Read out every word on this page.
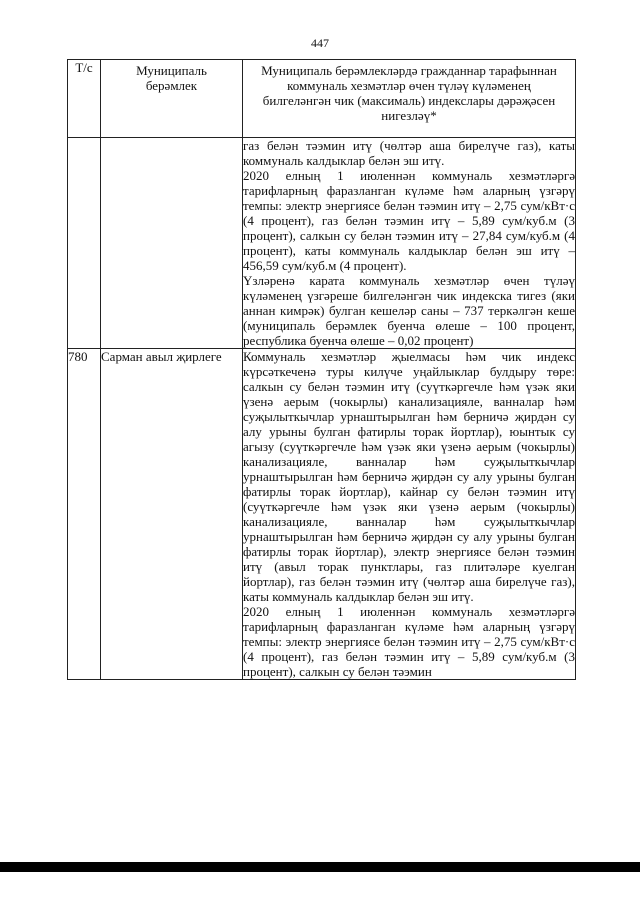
447
Т/с	Муниципаль берәмлек	Муниципаль берәмлекләрдә гражданнар тарафыннан коммуналь хезмәтләр өчен түләү күләменең билгеләнгән чик (максималь) индекслары дәрәҗәсен нигезләү*

		газ белән тәэмин итү (чөлтәр аша бирелүче газ), каты коммуналь калдыклар белән эш итү.

2020 елның 1 июленнән коммуналь хезмәтләргә тарифларның фаразланган күләме һәм аларның үзгәрү темпы: электр энергиясе белән тәэмин итү – 2,75 сум/кВт·с (4 процент), газ белән тәэмин итү – 5,89 сум/куб.м (3 процент), салкын су белән тәэмин итү – 27,84 сум/куб.м (4 процент), каты коммуналь калдыклар белән эш итү – 456,59 сум/куб.м (4 процент).

Үзләренә карата коммуналь хезмәтләр өчен түләү күләменең үзгәреше билгеләнгән чик индекска тигез (яки аннан кимрәк) булган кешеләр саны – 737 теркәлгән кеше (муниципаль берәмлек буенча өлеше – 100 процент, республика буенча өлеше – 0,02 процент)

780	Сарман авыл җирлеге	Коммуналь хезмәтләр җыелмасы һәм чик индекс күрсәткеченә туры килүче уңайлыклар булдыру төре: салкын су белән тәэмин итү (суүткәргечле һәм үзәк яки үзенә аерым (чокырлы) канализацияле, ванналар һәм суҗылыткычлар урнаштырылган һәм берничә җирдән су алу урыны булган фатирлы торак йортлар), юынтык су агызу (суүткәргечле һәм үзәк яки үзенә аерым (чокырлы) канализацияле, ванналар һәм суҗылыткычлар урнаштырылган һәм берничә җирдән су алу урыны булган фатирлы торак йортлар), кайнар су белән тәэмин итү (суүткәргечле һәм үзәк яки үзенә аерым (чокырлы) канализацияле, ванналар һәм суҗылыткычлар урнаштырылган һәм берничә җирдән су алу урыны булган фатирлы торак йортлар), электр энергиясе белән тәэмин итү (авыл торак пунктлары, газ плитәләре куелган йортлар), газ белән тәэмин итү (чөлтәр аша бирелүче газ), каты коммуналь калдыклар белән эш итү.

2020 елның 1 июленнән коммуналь хезмәтләргә тарифларның фаразланган күләме һәм аларның үзгәрү темпы: электр энергиясе белән тәэмин итү – 2,75 сум/кВт·с (4 процент), газ белән тәэмин итү – 5,89 сум/куб.м (3 процент), салкын су белән тәэмин
